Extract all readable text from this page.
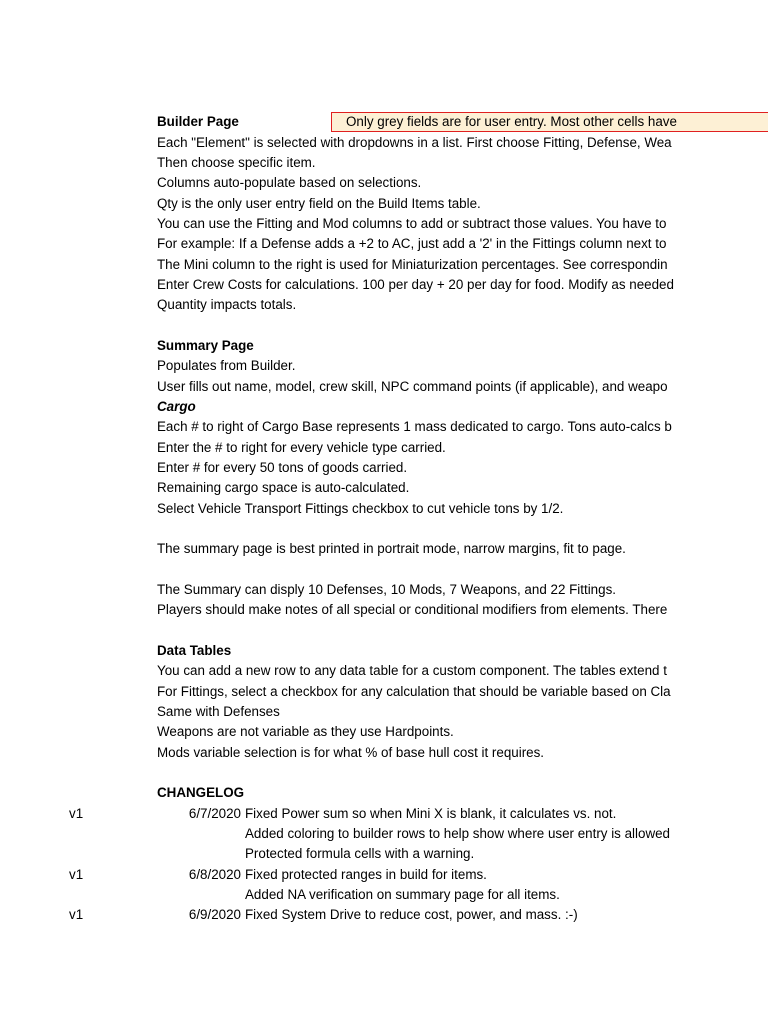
Builder Page	Only grey fields are for user entry. Most other cells have
Each "Element" is selected with dropdowns in a list. First choose Fitting, Defense, Wea
Then choose specific item.
Columns auto-populate based on selections.
Qty is the only user entry field on the Build Items table.
You can use the Fitting and Mod columns to add or subtract those values. You have to
For example: If a Defense adds a +2 to AC, just add a '2' in the Fittings column next to
The Mini column to the right is used for Miniaturization percentages. See correspondin
Enter Crew Costs for calculations. 100 per day + 20 per day for food. Modify as needed
Quantity impacts totals.
Summary Page
Populates from Builder.
User fills out name, model, crew skill, NPC command points (if applicable), and weapo
Cargo
Each # to right of Cargo Base represents 1 mass dedicated to cargo. Tons auto-calcs b
Enter the # to right for every vehicle type carried.
Enter # for every 50 tons of goods carried.
Remaining cargo space is auto-calculated.
Select Vehicle Transport Fittings checkbox to cut vehicle tons by 1/2.
The summary page is best printed in portrait mode, narrow margins, fit to page.
The Summary can disply 10 Defenses, 10 Mods, 7 Weapons, and 22 Fittings.
Players should make notes of all special or conditional modifiers from elements. There
Data Tables
You can add a new row to any data table for a custom component. The tables extend t
For Fittings, select a checkbox for any calculation that should be variable based on Cla
Same with Defenses
Weapons are not variable as they use Hardpoints.
Mods variable selection is for what % of base hull cost it requires.
CHANGELOG
v1	6/7/2020 Fixed Power sum so when Mini X is blank, it calculates vs. not.
Added coloring to builder rows to help show where user entry is allowed
Protected formula cells with a warning.
v1	6/8/2020 Fixed protected ranges in build for items.
Added NA verification on summary page for all items.
v1	6/9/2020 Fixed System Drive to reduce cost, power, and mass. :-)
